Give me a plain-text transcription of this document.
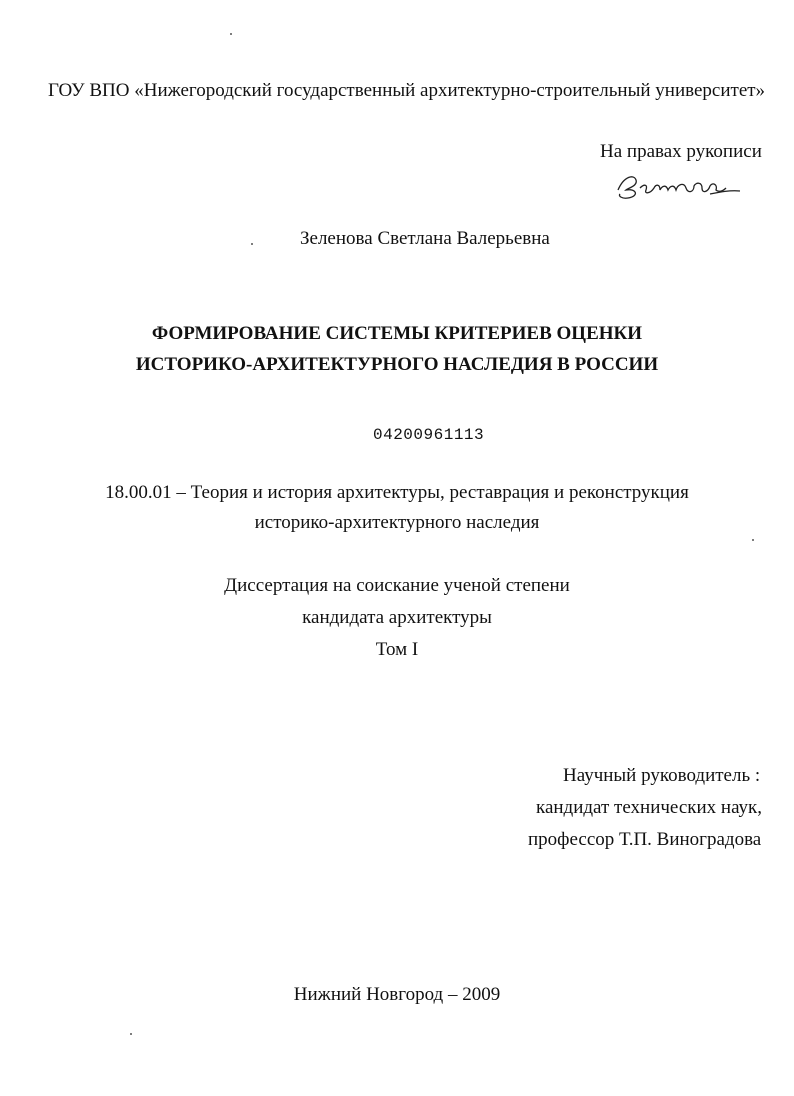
ГОУ ВПО «Нижегородский государственный архитектурно-строительный университет»
На правах рукописи
Зеленова Светлана Валерьевна
ФОРМИРОВАНИЕ СИСТЕМЫ КРИТЕРИЕВ ОЦЕНКИ
ИСТОРИКО-АРХИТЕКТУРНОГО НАСЛЕДИЯ В РОССИИ
04200961113
18.00.01 – Теория и история архитектуры, реставрация и реконструкция
историко-архитектурного наследия
Диссертация на соискание ученой степени
кандидата архитектуры
Том I
Научный руководитель :
кандидат технических наук,
профессор Т.П. Виноградова
Нижний Новгород – 2009
